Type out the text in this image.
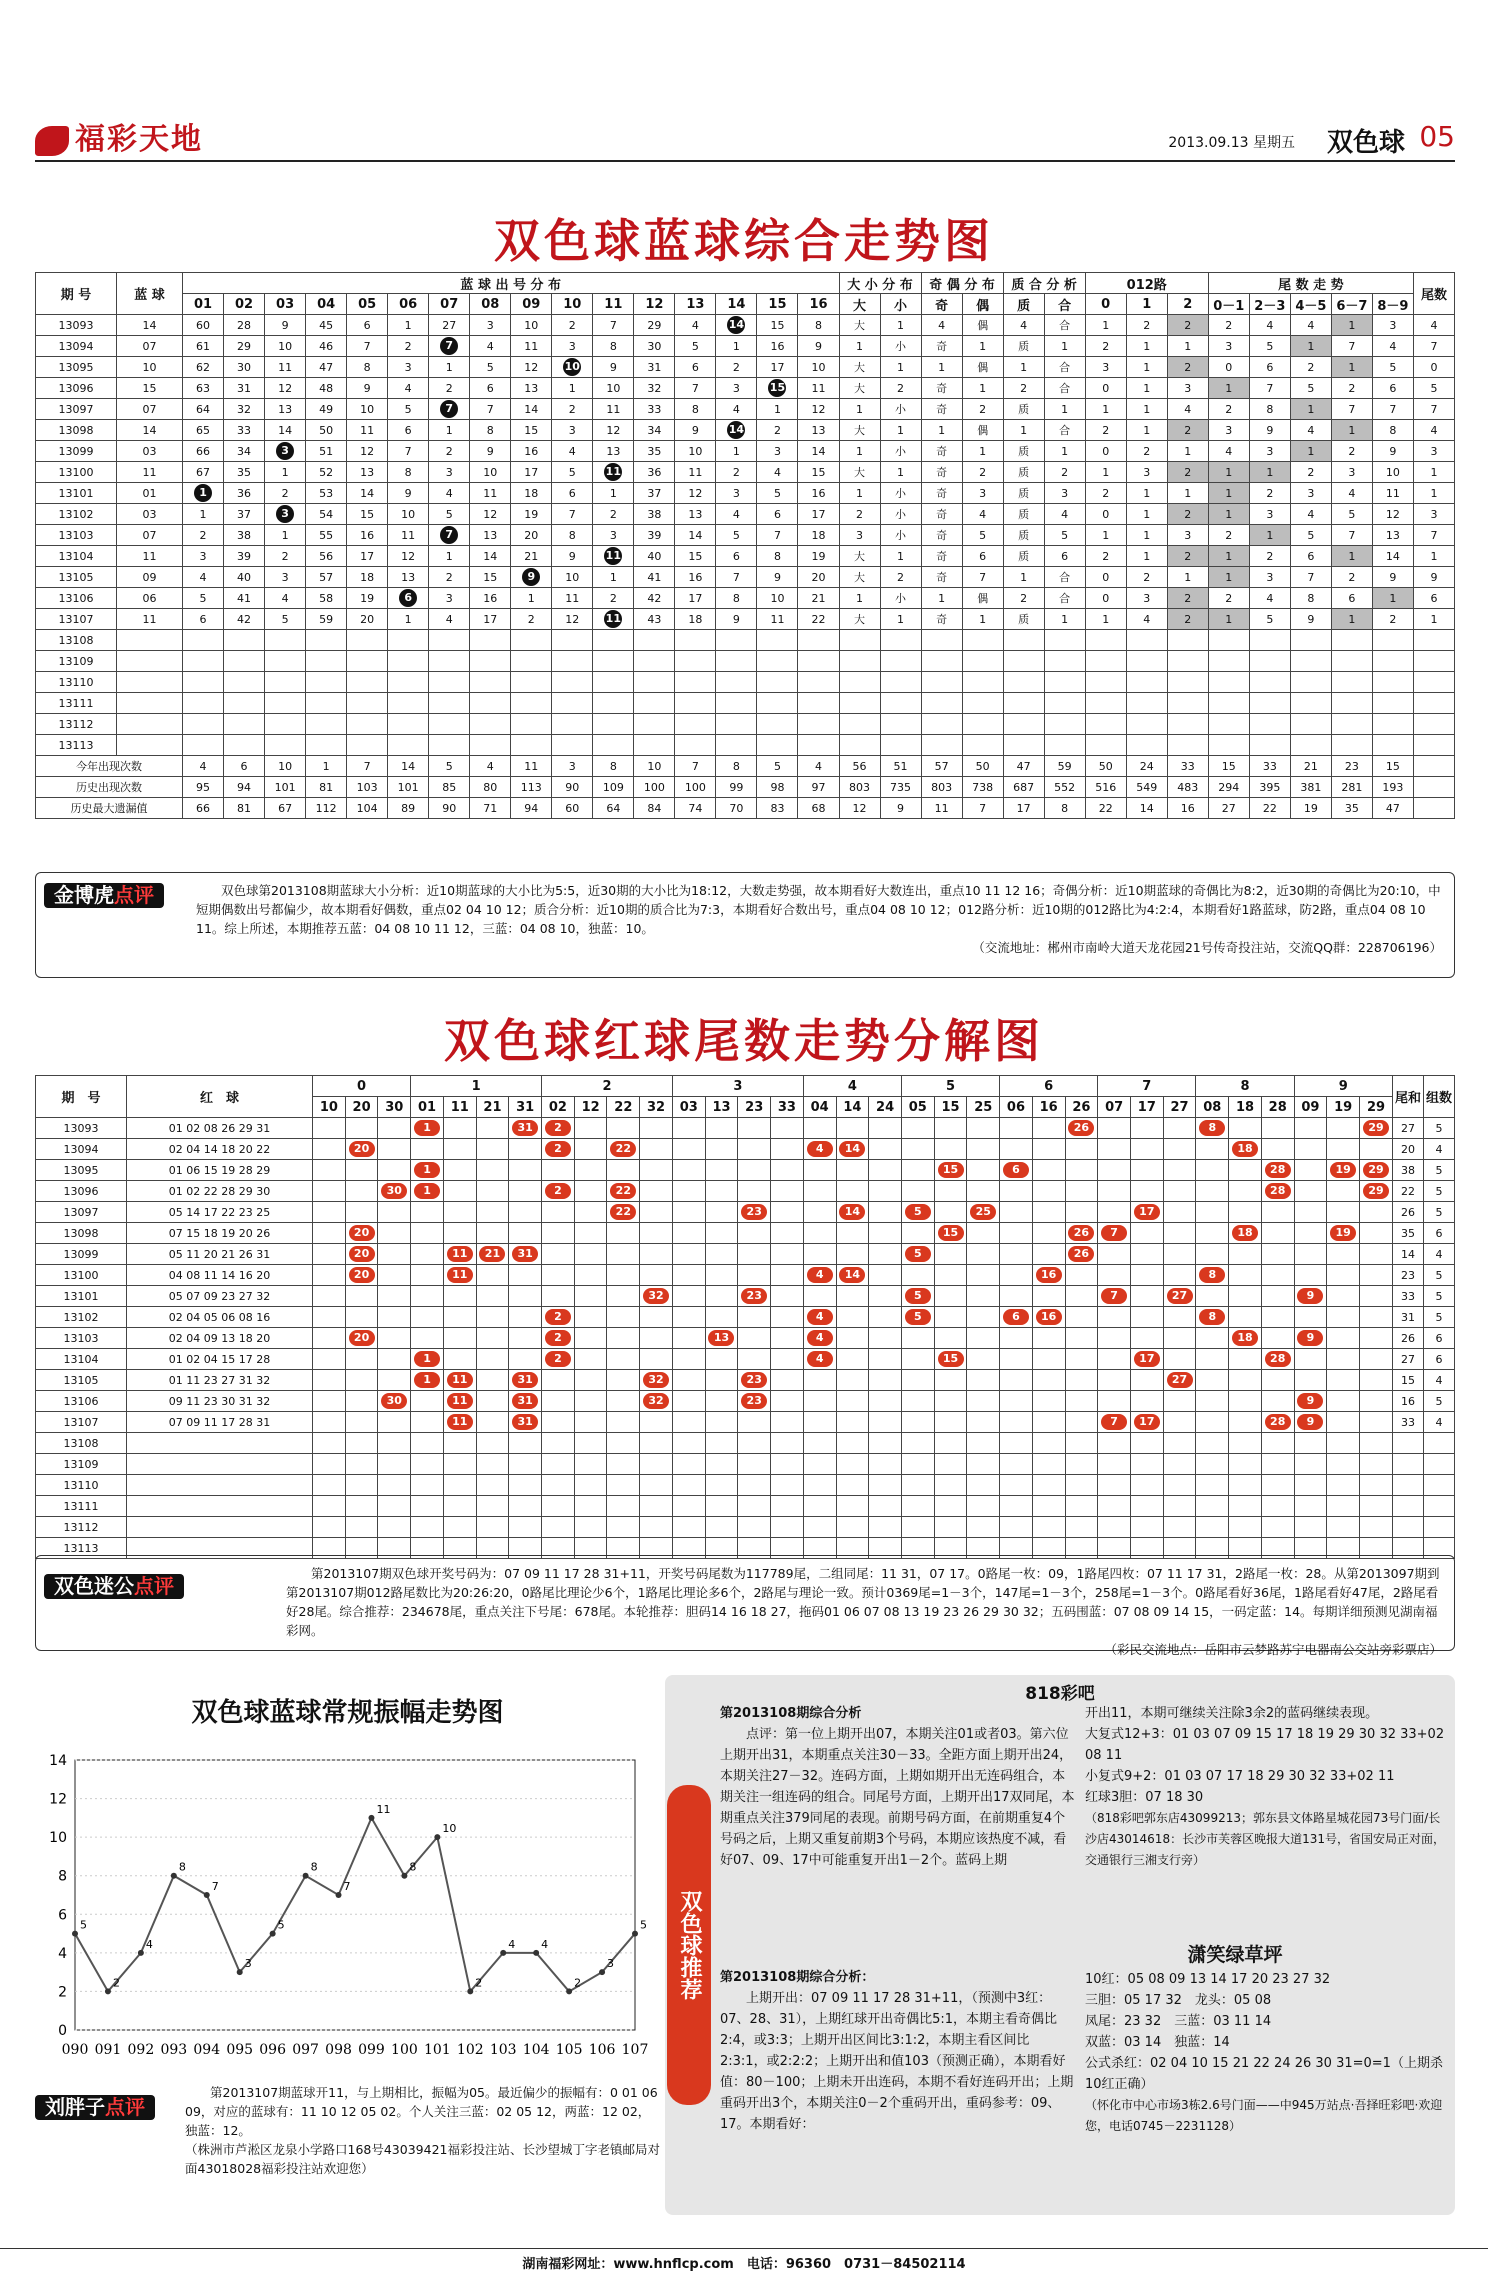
福彩天地	2013.09.13 星期五 双色球 05
双色球蓝球综合走势图
期 号	蓝 球	蓝 球 出 号 分 布																大 小 分 布		奇 偶 分 布		质 合 分 析		012路			尾 数 走 势					尾数
		01	02	03	04	05	06	07	08	09	10	11	12	13	14	15	16	大	小	奇	偶	质	合	0	1	2	0－1	2－3	4－5	6－7	8－9	
13093	14	60	28	9	45	6	1	27	3	10	2	7	29	4	14	15	8	大	1	4	偶	4	合	1	2	2	2	4	4	1	3	4
13094	07	61	29	10	46	7	2	7	4	11	3	8	30	5	1	16	9	1	小	奇	1	质	1	2	1	1	3	5	1	7	4	7
13095	10	62	30	11	47	8	3	1	5	12	10	9	31	6	2	17	10	大	1	1	偶	1	合	3	1	2	0	6	2	1	5	0
13096	15	63	31	12	48	9	4	2	6	13	1	10	32	7	3	15	11	大	2	奇	1	2	合	0	1	3	1	7	5	2	6	5
13097	07	64	32	13	49	10	5	7	7	14	2	11	33	8	4	1	12	1	小	奇	2	质	1	1	1	4	2	8	1	7	7	7
13098	14	65	33	14	50	11	6	1	8	15	3	12	34	9	14	2	13	大	1	1	偶	1	合	2	1	2	3	9	4	1	8	4
13099	03	66	34	3	51	12	7	2	9	16	4	13	35	10	1	3	14	1	小	奇	1	质	1	0	2	1	4	3	1	2	9	3
13100	11	67	35	1	52	13	8	3	10	17	5	11	36	11	2	4	15	大	1	奇	2	质	2	1	3	2	1	1	2	3	10	1
13101	01	1	36	2	53	14	9	4	11	18	6	1	37	12	3	5	16	1	小	奇	3	质	3	2	1	1	1	2	3	4	11	1
13102	03	1	37	3	54	15	10	5	12	19	7	2	38	13	4	6	17	2	小	奇	4	质	4	0	1	2	1	3	4	5	12	3
13103	07	2	38	1	55	16	11	7	13	20	8	3	39	14	5	7	18	3	小	奇	5	质	5	1	1	3	2	1	5	7	13	7
13104	11	3	39	2	56	17	12	1	14	21	9	11	40	15	6	8	19	大	1	奇	6	质	6	2	1	2	1	2	6	1	14	1
13105	09	4	40	3	57	18	13	2	15	9	10	1	41	16	7	9	20	大	2	奇	7	1	合	0	2	1	1	3	7	2	9	9
13106	06	5	41	4	58	19	6	3	16	1	11	2	42	17	8	10	21	1	小	1	偶	2	合	0	3	2	2	4	8	6	1	6
13107	11	6	42	5	59	20	1	4	17	2	12	11	43	18	9	11	22	大	1	奇	1	质	1	1	4	2	1	5	9	1	2	1
13108																																
13109																																
13110																																
13111																																
13112																																
13113																																
今年出现次数		4	6	10	1	7	14	5	4	11	3	8	10	7	8	5	4	56	51	57	50	47	59	50	24	33	15	33	21	23	15	
历史出现次数		95	94	101	81	103	101	85	80	113	90	109	100	100	99	98	97	803	735	803	738	687	552	516	549	483	294	395	381	281	193	
历史最大遗漏值		66	81	67	112	104	89	90	71	94	60	64	84	74	70	83	68	12	9	11	7	17	8	22	14	16	27	22	19	35	47	
金博虎点评	双色球第2013108期蓝球大小分析：近10期蓝球的大小比为5:5，近30期的大小比为18:12，大数走势强，故本期看好大数连出，重点10 11 12 16；奇偶分析：近10期蓝球的奇偶比为8:2，近30期的奇偶比为20:10，中短期偶数出号都偏少，故本期看好偶数，重点02 04 10 12；质合分析：近10期的质合比为7:3，本期看好合数出号，重点04 08 10 12；012路分析：近10期的012路比为4:2:4，本期看好1路蓝球，防2路，重点04 08 10 11。综上所述，本期推荐五蓝：04 08 10 11 12，三蓝：04 08 10，独蓝：10。
（交流地址：郴州市南岭大道天龙花园21号传奇投注站，交流QQ群：228706196）
双色球红球尾数走势分解图
期　号	红　球	0			1				2				3				4			5			6			7			8			9			尾和	组数
		10	20	30	01	11	21	31	02	12	22	32	03	13	23	33	04	14	24	05	15	25	06	16	26	07	17	27	08	18	28	09	19	29		
13093	01 02 08 26 29 31				1			31	2																26				8					29	27	5
13094	02 04 14 18 20 22		20						2		22						4	14												18					20	4
13095	01 06 15 19 28 29				1																15		6								28		19	29	38	5
13096	01 02 22 28 29 30			30	1				2		22																				28			29	22	5
13097	05 14 17 22 23 25										22				23			14		5		25					17								26	5
13098	07 15 18 19 20 26		20																		15				26	7				18			19		35	6
13099	05 11 20 21 26 31		20			11	21	31												5					26										14	4
13100	04 08 11 14 16 20		20			11											4	14						16					8						23	5
13101	05 07 09 23 27 32											32			23					5						7		27				9			33	5
13102	02 04 05 06 08 16								2								4			5			6	16					8						31	5
13103	02 04 09 13 18 20		20						2					13			4													18		9			26	6
13104	01 02 04 15 17 28				1				2								4				15						17				28				27	6
13105	01 11 23 27 31 32				1	11		31				32			23													27							15	4
13106	09 11 23 30 31 32			30		11		31				32			23																	9			16	5
13107	07 09 11 17 28 31					11		31																		7	17				28	9			33	4
13108																																				
13109																																				
13110																																				
13111																																				
13112																																				
13113																																				
双色迷公点评
第2013107期双色球开奖号码为：07 09 11 17 28 31+11，开奖号码尾数为117789尾，二组同尾：11 31，07 17。0路尾一枚：09，1路尾四枚：07 11 17 31，2路尾一枚：28。从第2013097期到第2013107期012路尾数比为20:26:20，0路尾比理论少6个，1路尾比理论多6个，2路尾与理论一致。预计0369尾=1－3个，147尾=1－3个，258尾=1－3个。0路尾看好36尾，1路尾看好47尾，2路尾看好28尾。综合推荐：234678尾，重点关注下号尾：678尾。本轮推荐：胆码14 16 18 27，拖码01 06 07 08 13 19 23 26 29 30 32；五码围蓝：07 08 09 14 15，一码定蓝：14。每期详细预测见湖南福彩网。
（彩民交流地点：岳阳市云梦路苏宁电器南公交站旁彩票店）
双色球蓝球常规振幅走势图
0
2
4
6
8
10
12
14
090 091 092 093 094 095 096 097 098 099 100 101 102 103 104 105 106 107
5
2
4
8
7
3
5
8
7
11
8
10
2
4 4
2
3
5
刘胖子点评
第2013107期蓝球开11，与上期相比，振幅为05。最近偏少的振幅有：0 01 06 09，对应的蓝球有：11 10 12 05 02。个人关注三蓝：02 05 12，两蓝：12 02，独蓝：12。
（株洲市芦淞区龙泉小学路口168号43039421福彩投注站、长沙望城丁字老镇邮局对面43018028福彩投注站欢迎您）
818彩吧
双色球推荐
第2013108期综合分析
点评：第一位上期开出07，本期关注01或者03。第六位上期开出31，本期重点关注30－33。全距方面上期开出24，本期关注27－32。连码方面，上期如期开出无连码组合，本期关注一组连码的组合。同尾号方面，上期开出17双同尾，本期重点关注379同尾的表现。前期号码方面，在前期重复4个号码之后，上期又重复前期3个号码，本期应该热度不减，看好07、09、17中可能重复开出1－2个。蓝码上期
开出11，本期可继续关注除3余2的蓝码继续表现。
大复式12+3：01 03 07 09 15 17 18 19 29 30 32 33+02 08 11
小复式9+2：01 03 07 17 18 29 30 32 33+02 11
红球3胆：07 18 30
（818彩吧郭东店43099213；郭东县文体路星城花园73号门面/长沙店43014618：长沙市芙蓉区晚报大道131号，省国安局正对面，交通银行三湘支行旁）
潇笑绿草坪
第2013108期综合分析：
上期开出：07 09 11 17 28 31+11，（预测中3红：07、28、31），上期红球开出奇偶比5:1，本期主看奇偶比2:4，或3:3；上期开出区间比3:1:2，本期主看区间比2:3:1，或2:2:2；上期开出和值103（预测正确），本期看好值：80－100；上期未开出连码，本期不看好连码开出；上期重码开出3个，本期关注0－2个重码开出，重码参考：09、17。本期看好：
10红：05 08 09 13 14 17 20 23 27 32
三胆：05 17 32　龙头：05 08
凤尾：23 32　三蓝：03 11 14
双蓝：03 14　独蓝：14
公式杀红：02 04 10 15 21 22 24 26 30 31=0=1（上期杀10红正确）
（怀化市中心市场3栋2.6号门面——中945万站点·吾择旺彩吧·欢迎您，电话0745－2231128）
湖南福彩网址：www.hnflcp.com　电话：96360　0731－84502114
